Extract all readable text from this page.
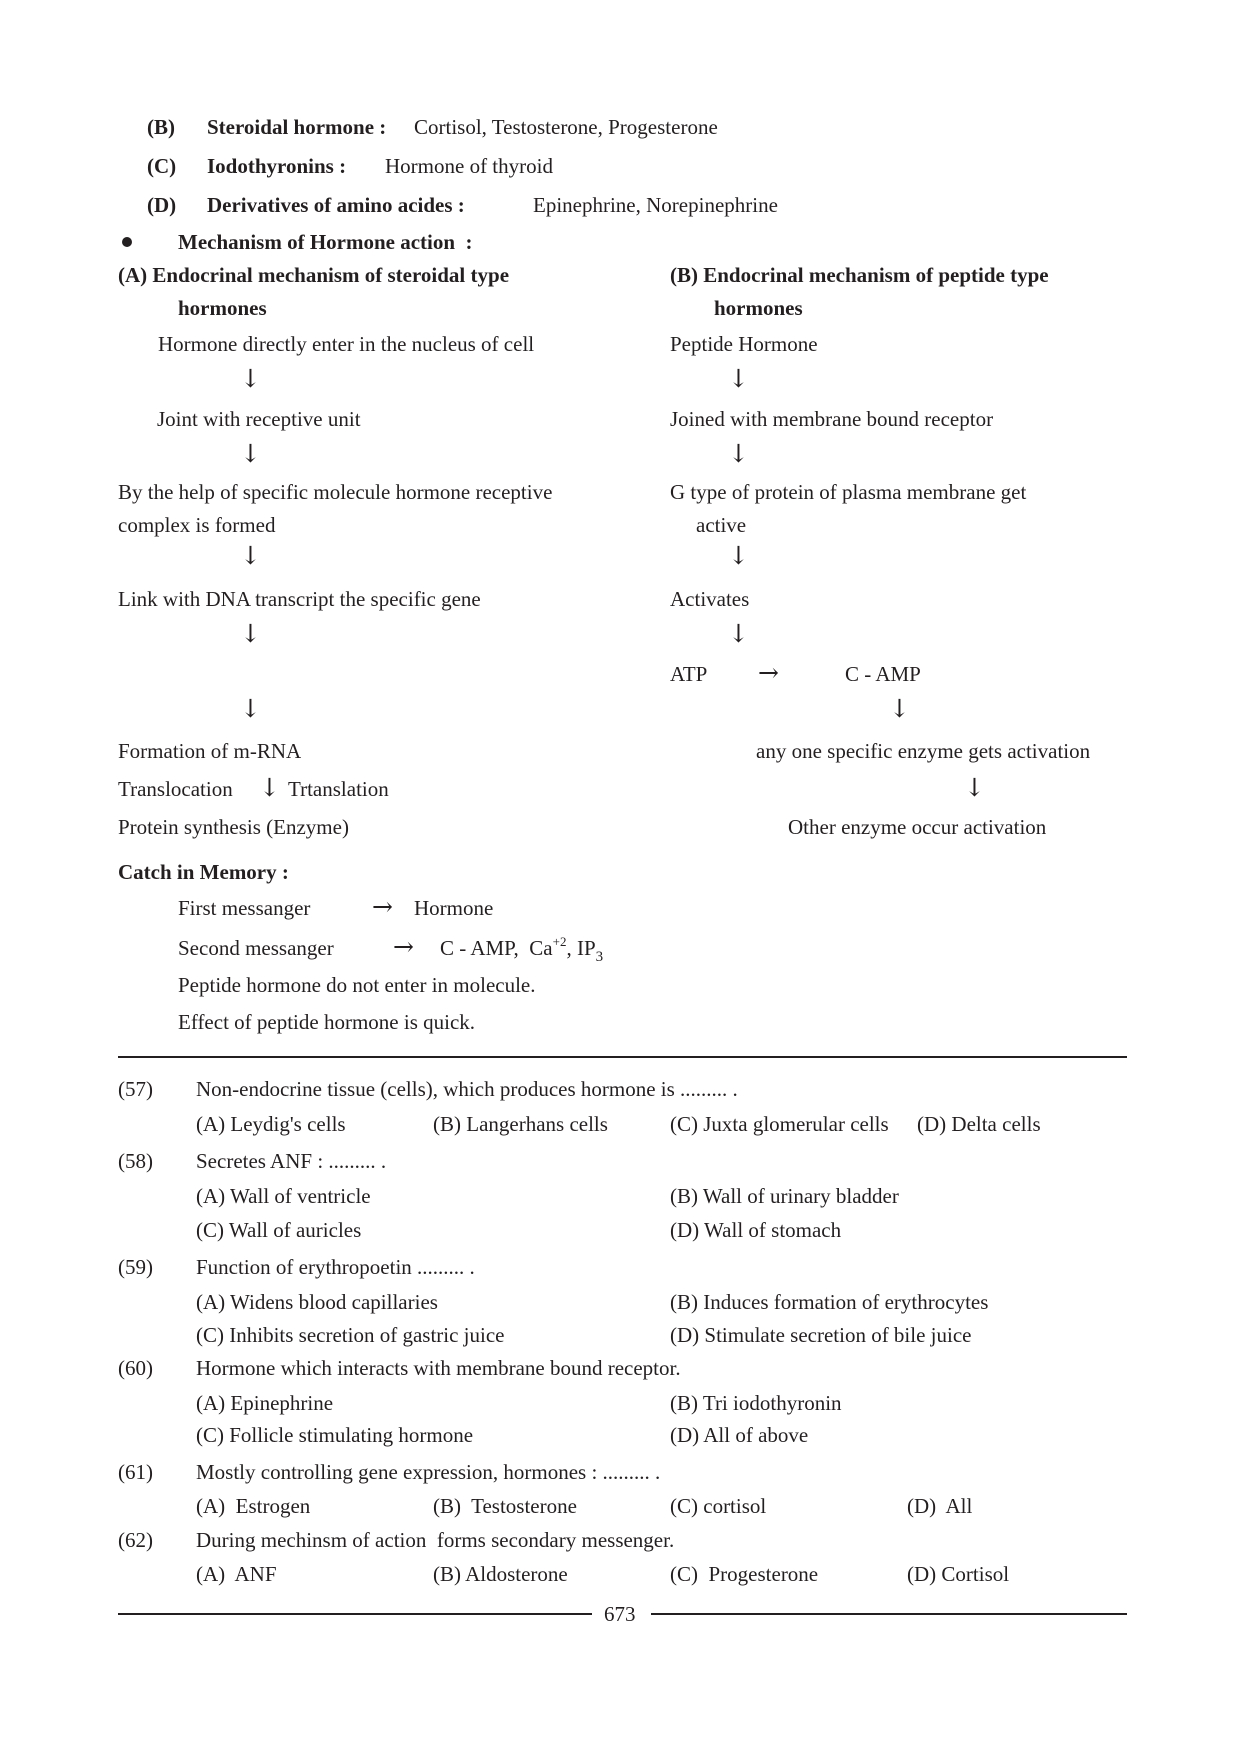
(B) Steroidal hormone : Cortisol, Testosterone, Progesterone
(C) Iodothyronins : Hormone of thyroid
(D) Derivatives of amino acides :	Epinephrine, Norepinephrine
Mechanism of Hormone action  :
(A) Endocrinal mechanism of steroidal type
hormones
Hormone directly enter in the nucleus of cell
↓
Joint with receptive unit
↓
By the help of specific molecule hormone receptive
complex is formed
↓
Link with DNA transcript the specific gene
↓
↓
Formation of m-RNA
Translocation ↓ Trtanslation
Protein synthesis (Enzyme)
(B) Endocrinal mechanism of peptide type
hormones
Peptide Hormone
↓
Joined with membrane bound receptor
↓
G type of protein of plasma membrane get
active
↓
Activates
↓
ATP →	C - AMP
↓
any one specific enzyme gets activation
↓
Other enzyme occur activation
Catch in Memory :
First messanger → Hormone
Second messanger → C - AMP,  $Ca^{+2}$, $IP_3$
Peptide hormone do not enter in molecule.
Effect of peptide hormone is quick.
(57) Non-endocrine tissue (cells), which produces hormone is ......... .
(A) Leydig's cells	(B) Langerhans cells	(C) Juxta glomerular cells (D) Delta cells
(58) Secretes ANF : ......... .
(A) Wall of ventricle	(B) Wall of urinary bladder
(C) Wall of auricles	(D) Wall of stomach
(59) Function of erythropoetin ......... .
(A) Widens blood capillaries	(B) Induces formation of erythrocytes
(C) Inhibits secretion of gastric juice	(D) Stimulate secretion of bile juice
(60) Hormone which interacts with membrane bound receptor.
(A) Epinephrine	(B) Tri iodothyronin
(C) Follicle stimulating hormone	(D) All of above
(61) Mostly controlling gene expression, hormones : ......... .
(A)  Estrogen	(B)  Testosterone	(C) cortisol	(D)  All
(62) During mechinsm of action  forms secondary messenger.
(A)  ANF	(B) Aldosterone	(C)  Progesterone	(D) Cortisol
673
